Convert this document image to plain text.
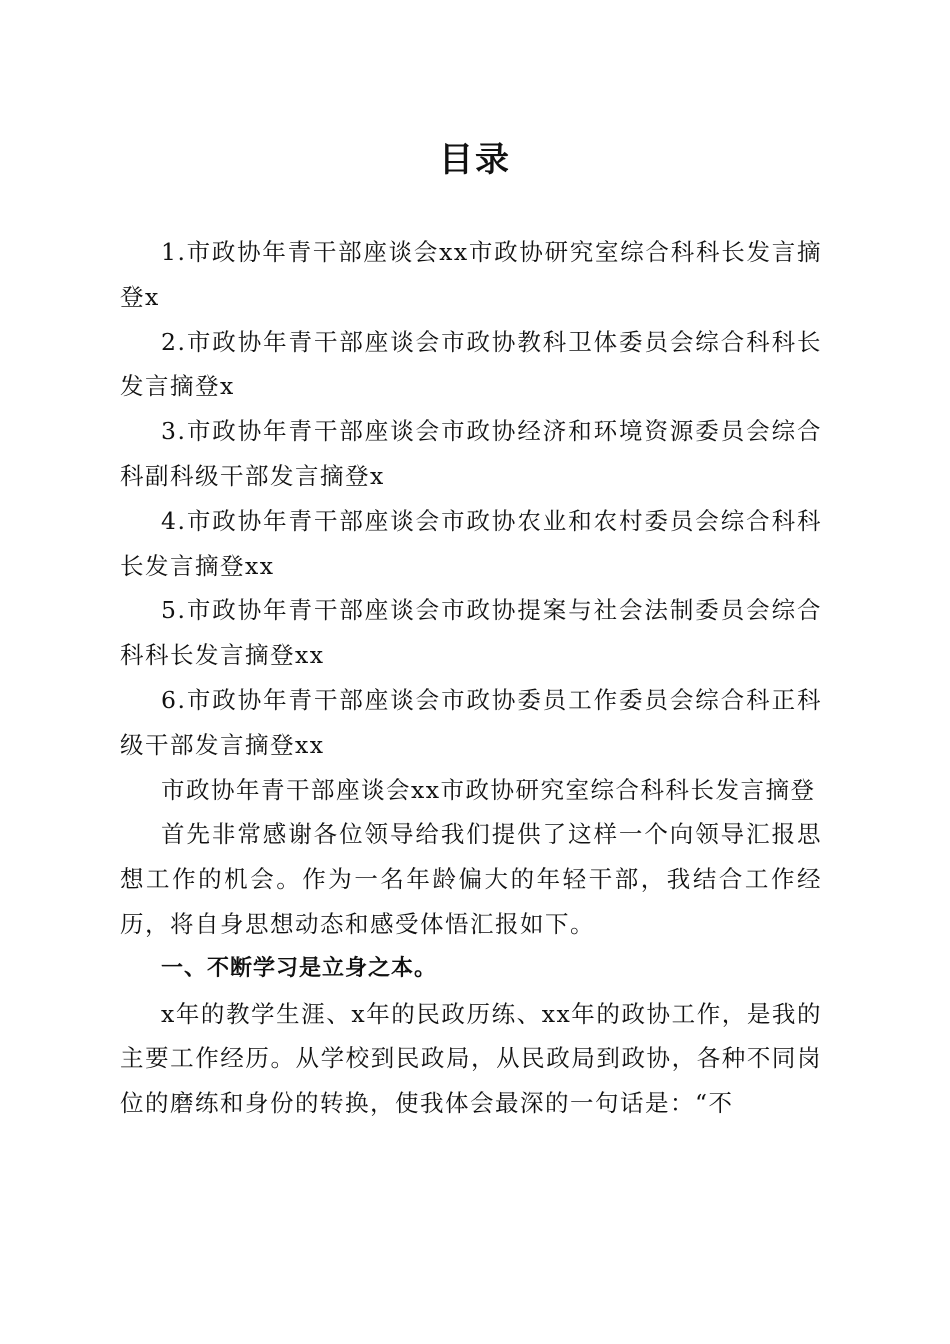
目录

1.市政协年青干部座谈会xx市政协研究室综合科科长发言摘登x

2.市政协年青干部座谈会市政协教科卫体委员会综合科科长发言摘登x

3.市政协年青干部座谈会市政协经济和环境资源委员会综合科副科级干部发言摘登x

4.市政协年青干部座谈会市政协农业和农村委员会综合科科长发言摘登xx

5.市政协年青干部座谈会市政协提案与社会法制委员会综合科科长发言摘登xx

6.市政协年青干部座谈会市政协委员工作委员会综合科正科级干部发言摘登xx

市政协年青干部座谈会xx市政协研究室综合科科长发言摘登

首先非常感谢各位领导给我们提供了这样一个向领导汇报思想工作的机会。作为一名年龄偏大的年轻干部，我结合工作经历，将自身思想动态和感受体悟汇报如下。

一、不断学习是立身之本。

x年的教学生涯、x年的民政历练、xx年的政协工作，是我的主要工作经历。从学校到民政局，从民政局到政协，各种不同岗位的磨练和身份的转换，使我体会最深的一句话是：“不
